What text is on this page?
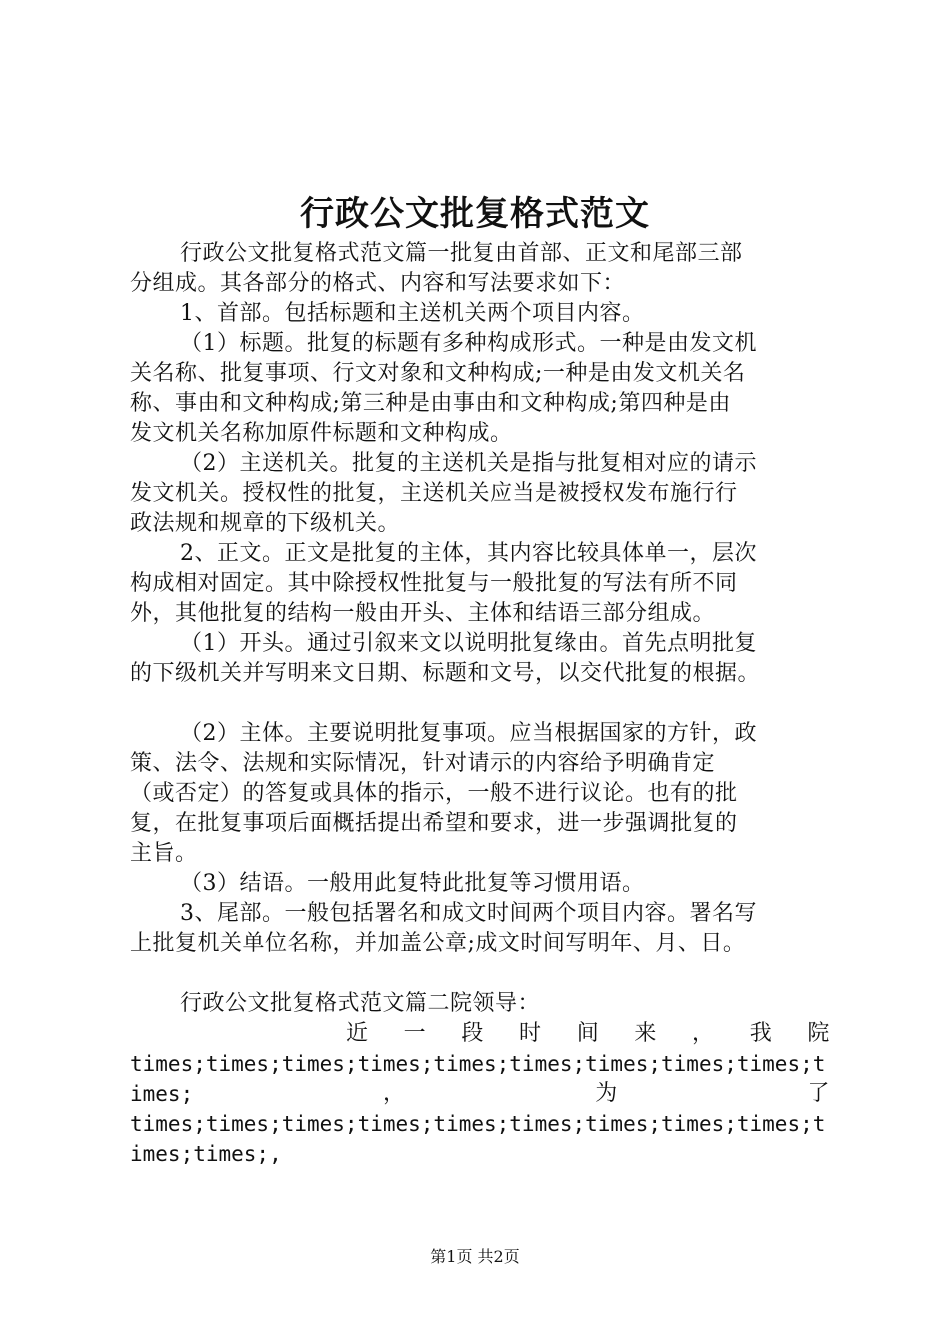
行政公文批复格式范文
行政公文批复格式范文篇一批复由首部、正文和尾部三部
分组成。其各部分的格式、内容和写法要求如下：
1、首部。包括标题和主送机关两个项目内容。
（1）标题。批复的标题有多种构成形式。一种是由发文机
关名称、批复事项、行文对象和文种构成;一种是由发文机关名
称、事由和文种构成;第三种是由事由和文种构成;第四种是由
发文机关名称加原件标题和文种构成。
（2）主送机关。批复的主送机关是指与批复相对应的请示
发文机关。授权性的批复，主送机关应当是被授权发布施行行
政法规和规章的下级机关。
2、正文。正文是批复的主体，其内容比较具体单一，层次
构成相对固定。其中除授权性批复与一般批复的写法有所不同
外，其他批复的结构一般由开头、主体和结语三部分组成。
（1）开头。通过引叙来文以说明批复缘由。首先点明批复
的下级机关并写明来文日期、标题和文号，以交代批复的根据。
（2）主体。主要说明批复事项。应当根据国家的方针，政
策、法令、法规和实际情况，针对请示的内容给予明确肯定
（或否定）的答复或具体的指示，一般不进行议论。也有的批
复，在批复事项后面概括提出希望和要求，进一步强调批复的
主旨。
（3）结语。一般用此复特此批复等习惯用语。
3、尾部。一般包括署名和成文时间两个项目内容。署名写
上批复机关单位名称，并加盖公章;成文时间写明年、月、日。
行政公文批复格式范文篇二院领导：
近 一 段 时 间 来 ， 我 院
times;times;times;times;times;times;times;times;times;t
imes;	，	为	了
times;times;times;times;times;times;times;times;times;t
imes;times;,
第1页 共2页
